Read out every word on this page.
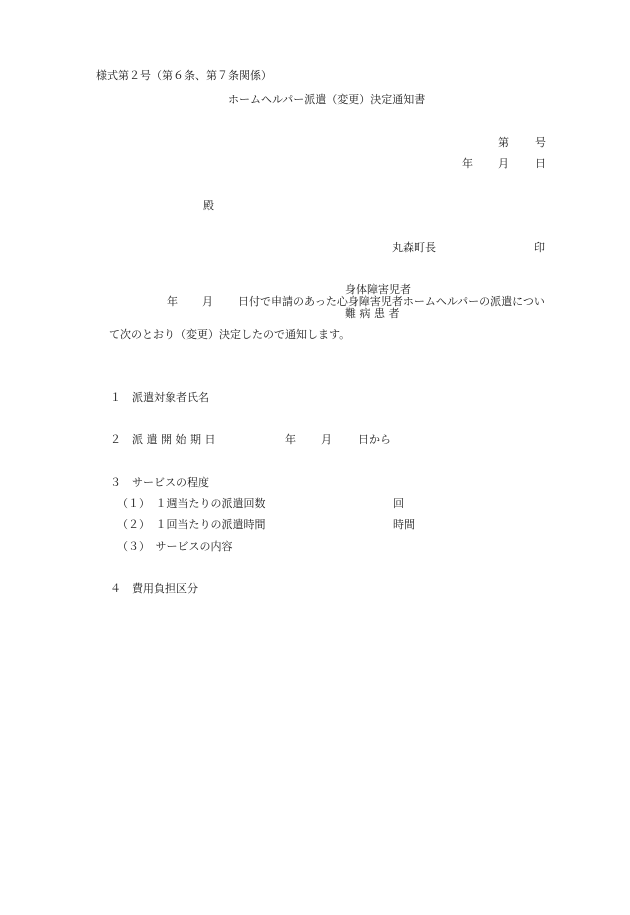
様式第２号（第６条、第７条関係）
ホームヘルパー派遣（変更）決定通知書
第 号
年 月 日
殿
丸森町長	印
身体障害児者
年 月 日付で申請のあった心身障害児者ホームヘルパーの派遣につい
難 病 患 者
て次のとおり（変更）決定したので通知します。
１　派遣対象者氏名
２　派 遣 開 始 期 日	年 月 日から
３　サービスの程度
（１）　１週当たりの派遣回数	回
（２）　１回当たりの派遣時間	時間
（３）　サービスの内容
４　費用負担区分
